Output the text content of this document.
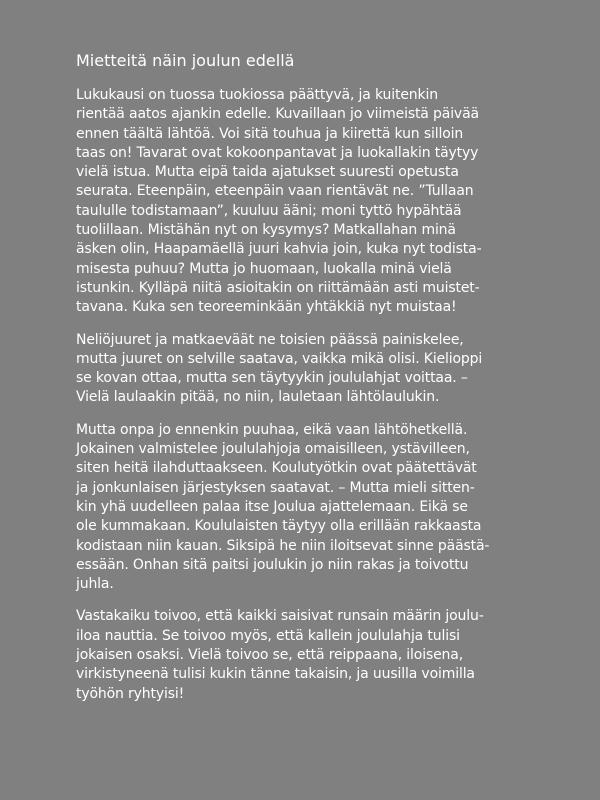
Mietteitä näin joulun edellä
Lukukausi on tuossa tuokiossa päättyvä, ja kuitenkin
rientää aatos ajankin edelle. Kuvaillaan jo viimeistä päivää
ennen täältä lähtöä. Voi sitä touhua ja kiirettä kun silloin
taas on! Tavarat ovat kokoonpantavat ja luokallakin täytyy
vielä istua. Mutta eipä taida ajatukset suuresti opetusta
seurata. Eteenpäin, eteenpäin vaan rientävät ne. ”Tullaan
taululle todistamaan”, kuuluu ääni; moni tyttö hypähtää
tuolillaan. Mistähän nyt on kysymys? Matkallahan minä
äsken olin, Haapamäellä juuri kahvia join, kuka nyt todista-
misesta puhuu? Mutta jo huomaan, luokalla minä vielä
istunkin. Kylläpä niitä asioitakin on riittämään asti muistet-
tavana. Kuka sen teoreeminkään yhtäkkiä nyt muistaa!
Neliöjuuret ja matkaeväät ne toisien päässä painiskelee,
mutta juuret on selville saatava, vaikka mikä olisi. Kielioppi
se kovan ottaa, mutta sen täytyykin joululahjat voittaa. –
Vielä laulaakin pitää, no niin, lauletaan lähtölaulukin.
Mutta onpa jo ennenkin puuhaa, eikä vaan lähtöhetkellä.
Jokainen valmistelee joululahjoja omaisilleen, ystävilleen,
siten heitä ilahduttaakseen. Koulutyötkin ovat päätettävät
ja jonkunlaisen järjestyksen saatavat. – Mutta mieli sitten-
kin yhä uudelleen palaa itse Joulua ajattelemaan. Eikä se
ole kummakaan. Koululaisten täytyy olla erillään rakkaasta
kodistaan niin kauan. Siksipä he niin iloitsevat sinne päästä-
essään. Onhan sitä paitsi joulukin jo niin rakas ja toivottu
juhla.
Vastakaiku toivoo, että kaikki saisivat runsain määrin joulu-
iloa nauttia. Se toivoo myös, että kallein joululahja tulisi
jokaisen osaksi. Vielä toivoo se, että reippaana, iloisena,
virkistyneenä tulisi kukin tänne takaisin, ja uusilla voimilla
työhön ryhtyisi!
